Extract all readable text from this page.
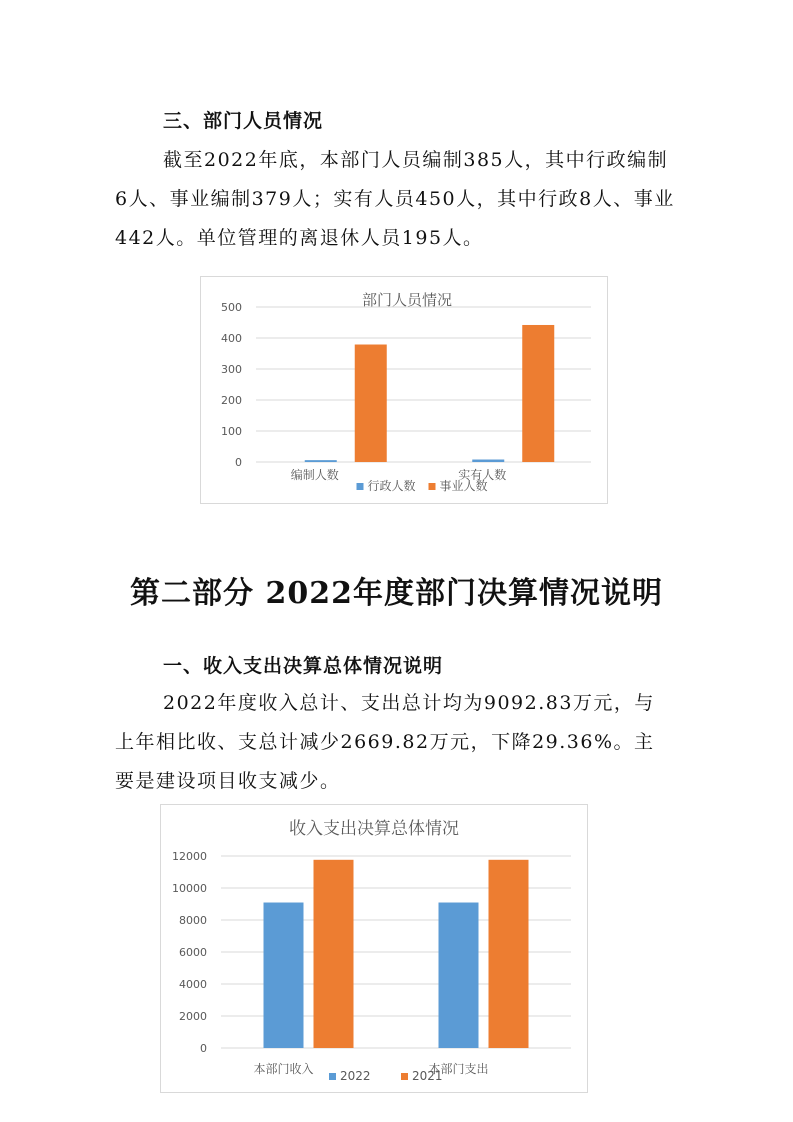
三、部门人员情况

截至2022年底，本部门人员编制385人，其中行政编制6人、事业编制379人；实有人员450人，其中行政8人、事业442人。单位管理的离退休人员195人。

0
100
200
300
400
500
编制人数	实有人数
行政人数 事业人数
部门人员情况
第二部分 2022年度部门决算情况说明
一、收入支出决算总体情况说明

2022年度收入总计、支出总计均为9092.83万元，与上年相比收、支总计减少2669.82万元，下降29.36%。主要是建设项目收支减少。

0
2000
4000
6000
8000
10000
12000
本部门收入	本部门支出
2022	2021
收入支出决算总体情况
